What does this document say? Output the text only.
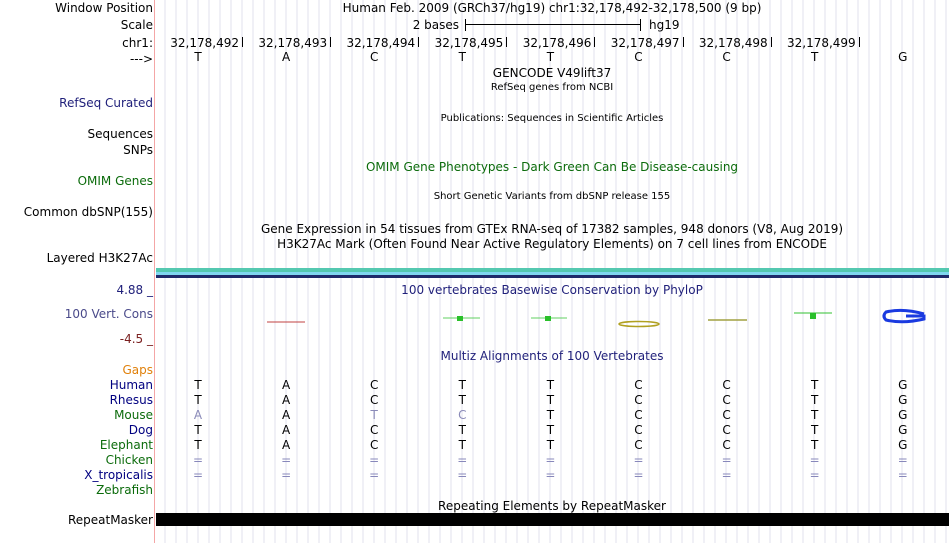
Window Position	Human Feb. 2009 (GRCh37/hg19) chr1:32,178,492-32,178,500 (9 bp)
Scale	2 bases	hg19
chr1: 32,178,492 32,178,493 32,178,494 32,178,495 32,178,496 32,178,497 32,178,498 32,178,499
--->	T	A	C	T	T	C	C	T	G
GENCODE V49lift37
RefSeq genes from NCBI
RefSeq Curated
Publications: Sequences in Scientific Articles
Sequences
SNPs
OMIM Gene Phenotypes - Dark Green Can Be Disease-causing
OMIM Genes
Short Genetic Variants from dbSNP release 155
Common dbSNP(155)
Gene Expression in 54 tissues from GTEx RNA-seq of 17382 samples, 948 donors (V8, Aug 2019)
H3K27Ac Mark (Often Found Near Active Regulatory Elements) on 7 cell lines from ENCODE
Layered H3K27Ac
100 vertebrates Basewise Conservation by PhyloP
4.88 _
100 Vert. Cons
-4.5 _
Multiz Alignments of 100 Vertebrates
Gaps
Human	T	A	C	T	T	C	C	T	G
Rhesus	T	A	C	T	T	C	C	T	G
Mouse	A	A	T	C	T	C	C	T	G
Dog	T	A	C	T	T	C	C	T	G
Elephant	T	A	C	T	T	C	C	T	G
Chicken	=	=	=	=	=	=	=	=	=
X_tropicalis	=	=	=	=	=	=	=	=	=
Zebrafish
Repeating Elements by RepeatMasker
RepeatMasker
